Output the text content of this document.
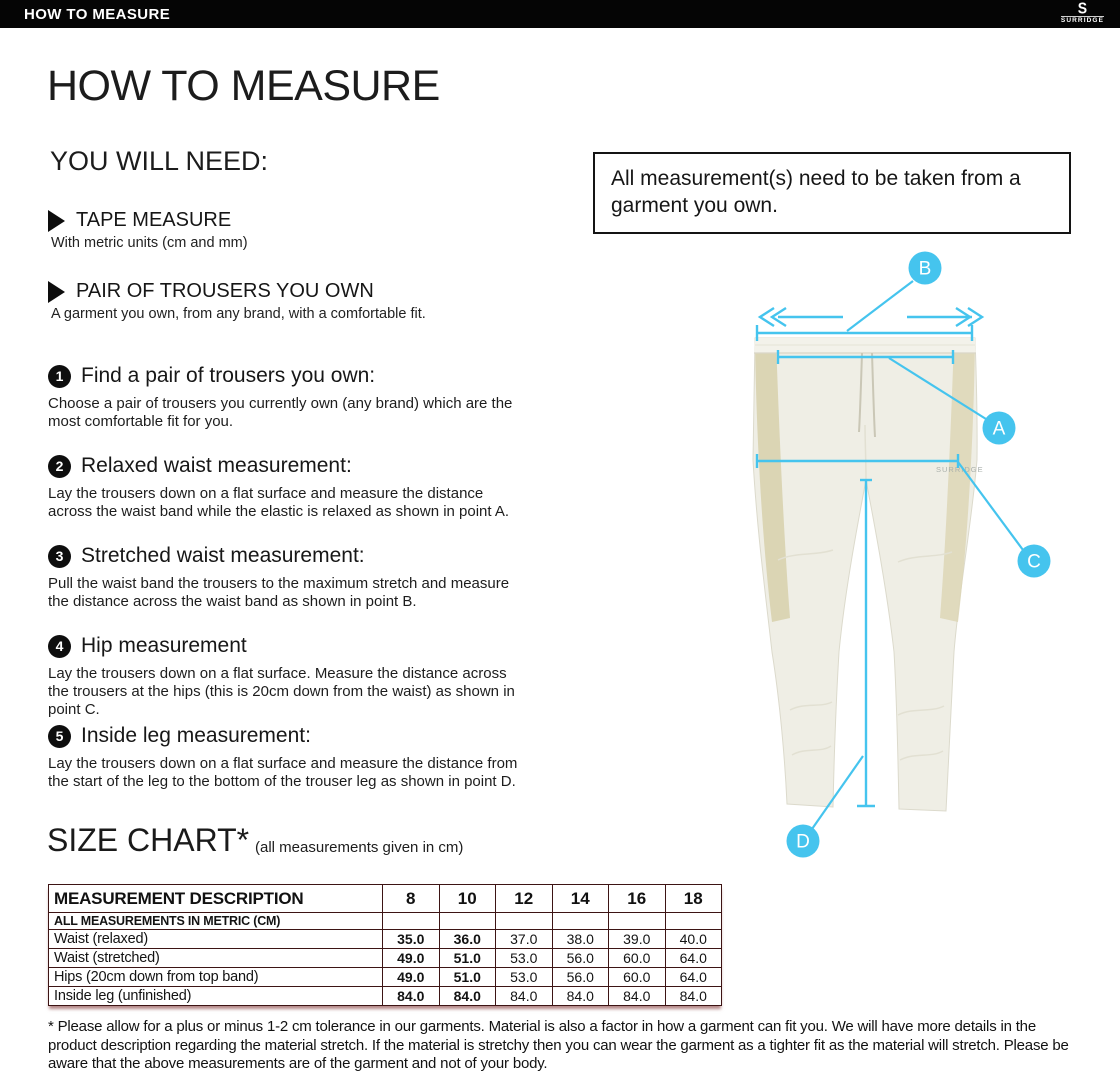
HOW TO MEASURE	S
SURRIDGE
HOW TO MEASURE
YOU WILL NEED:
TAPE MEASURE
With metric units (cm and mm)
PAIR OF TROUSERS YOU OWN
A garment you own, from any brand, with a comfortable fit.
All measurement(s) need to be taken from a garment you own.
1 Find a pair of trousers you own:
Choose a pair of trousers you currently own (any brand) which are the most comfortable fit for you.
2 Relaxed waist measurement:
Lay the trousers down on a flat surface and measure the distance across the waist band while the elastic is relaxed as shown in point A.
3 Stretched waist measurement:
Pull the waist band the trousers to the maximum stretch and measure the distance across the waist band as shown in point B.
4 Hip measurement
Lay the trousers down on a flat surface. Measure the distance across the trousers at the hips (this is 20cm down from the waist) as shown in point C.
5 Inside leg measurement:
Lay the trousers down on a flat surface and measure the distance from the start of the leg to the bottom of the trouser leg as shown in point D.
SURRIDGE
B
A
C
D
SIZE CHART* (all measurements given in cm)
MEASUREMENT DESCRIPTION	8	10	12	14	16	18
ALL MEASUREMENTS IN METRIC (CM)						
Waist (relaxed)	35.0	36.0	37.0	38.0	39.0	40.0
Waist (stretched)	49.0	51.0	53.0	56.0	60.0	64.0
Hips (20cm down from top band)	49.0	51.0	53.0	56.0	60.0	64.0
Inside leg (unfinished)	84.0	84.0	84.0	84.0	84.0	84.0
* Please allow for a plus or minus 1-2 cm tolerance in our garments. Material is also a factor in how a garment can fit you. We will have more details in the product description regarding the material stretch. If the material is stretchy then you can wear the garment as a tighter fit as the material will stretch. Please be aware that the above measurements are of the garment and not of your body.
